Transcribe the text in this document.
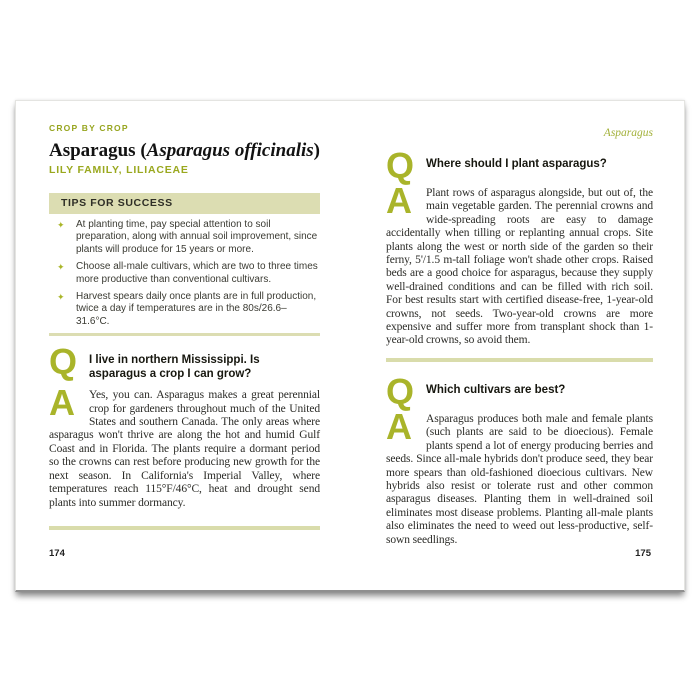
CROP BY CROP
Asparagus (Asparagus officinalis)
LILY FAMILY, LILIACEAE
TIPS FOR SUCCESS
✦ At planting time, pay special attention to soil preparation, along with annual soil improvement, since plants will produce for 15 years or more.
✦ Choose all-male cultivars, which are two to three times more productive than conventional cultivars.
✦ Harvest spears daily once plants are in full production, twice a day if temperatures are in the 80s/26.6–31.6°C.
Q	I live in northern Mississippi. Is asparagus a crop I can grow?
A	Yes, you can. Asparagus makes a great perennial crop for gardeners throughout much of the United States and southern Canada. The only areas where asparagus won't thrive are along the hot and humid Gulf Coast and in Florida. The plants require a dormant period so the crowns can rest before producing new growth for the next season. In California's Imperial Valley, where temperatures reach 115°F/46°C, heat and drought send plants into summer dormancy.
174
Asparagus
Q	Where should I plant asparagus?
A	Plant rows of asparagus alongside, but out of, the main vegetable garden. The perennial crowns and wide-spreading roots are easy to damage accidentally when tilling or replanting annual crops. Site plants along the west or north side of the garden so their ferny, 5'/1.5 m-tall foliage won't shade other crops. Raised beds are a good choice for asparagus, because they supply well-drained conditions and can be filled with rich soil. For best results start with certified disease-free, 1-year-old crowns, not seeds. Two-year-old crowns are more expensive and suffer more from transplant shock than 1-year-old crowns, so avoid them.
Q	Which cultivars are best?
A	Asparagus produces both male and female plants (such plants are said to be dioecious). Female plants spend a lot of energy producing berries and seeds. Since all-male hybrids don't produce seed, they bear more spears than old-fashioned dioecious cultivars. New hybrids also resist or tolerate rust and other common asparagus diseases. Planting them in well-drained soil eliminates most disease problems. Planting all-male plants also eliminates the need to weed out less-productive, self-sown seedlings.
175
